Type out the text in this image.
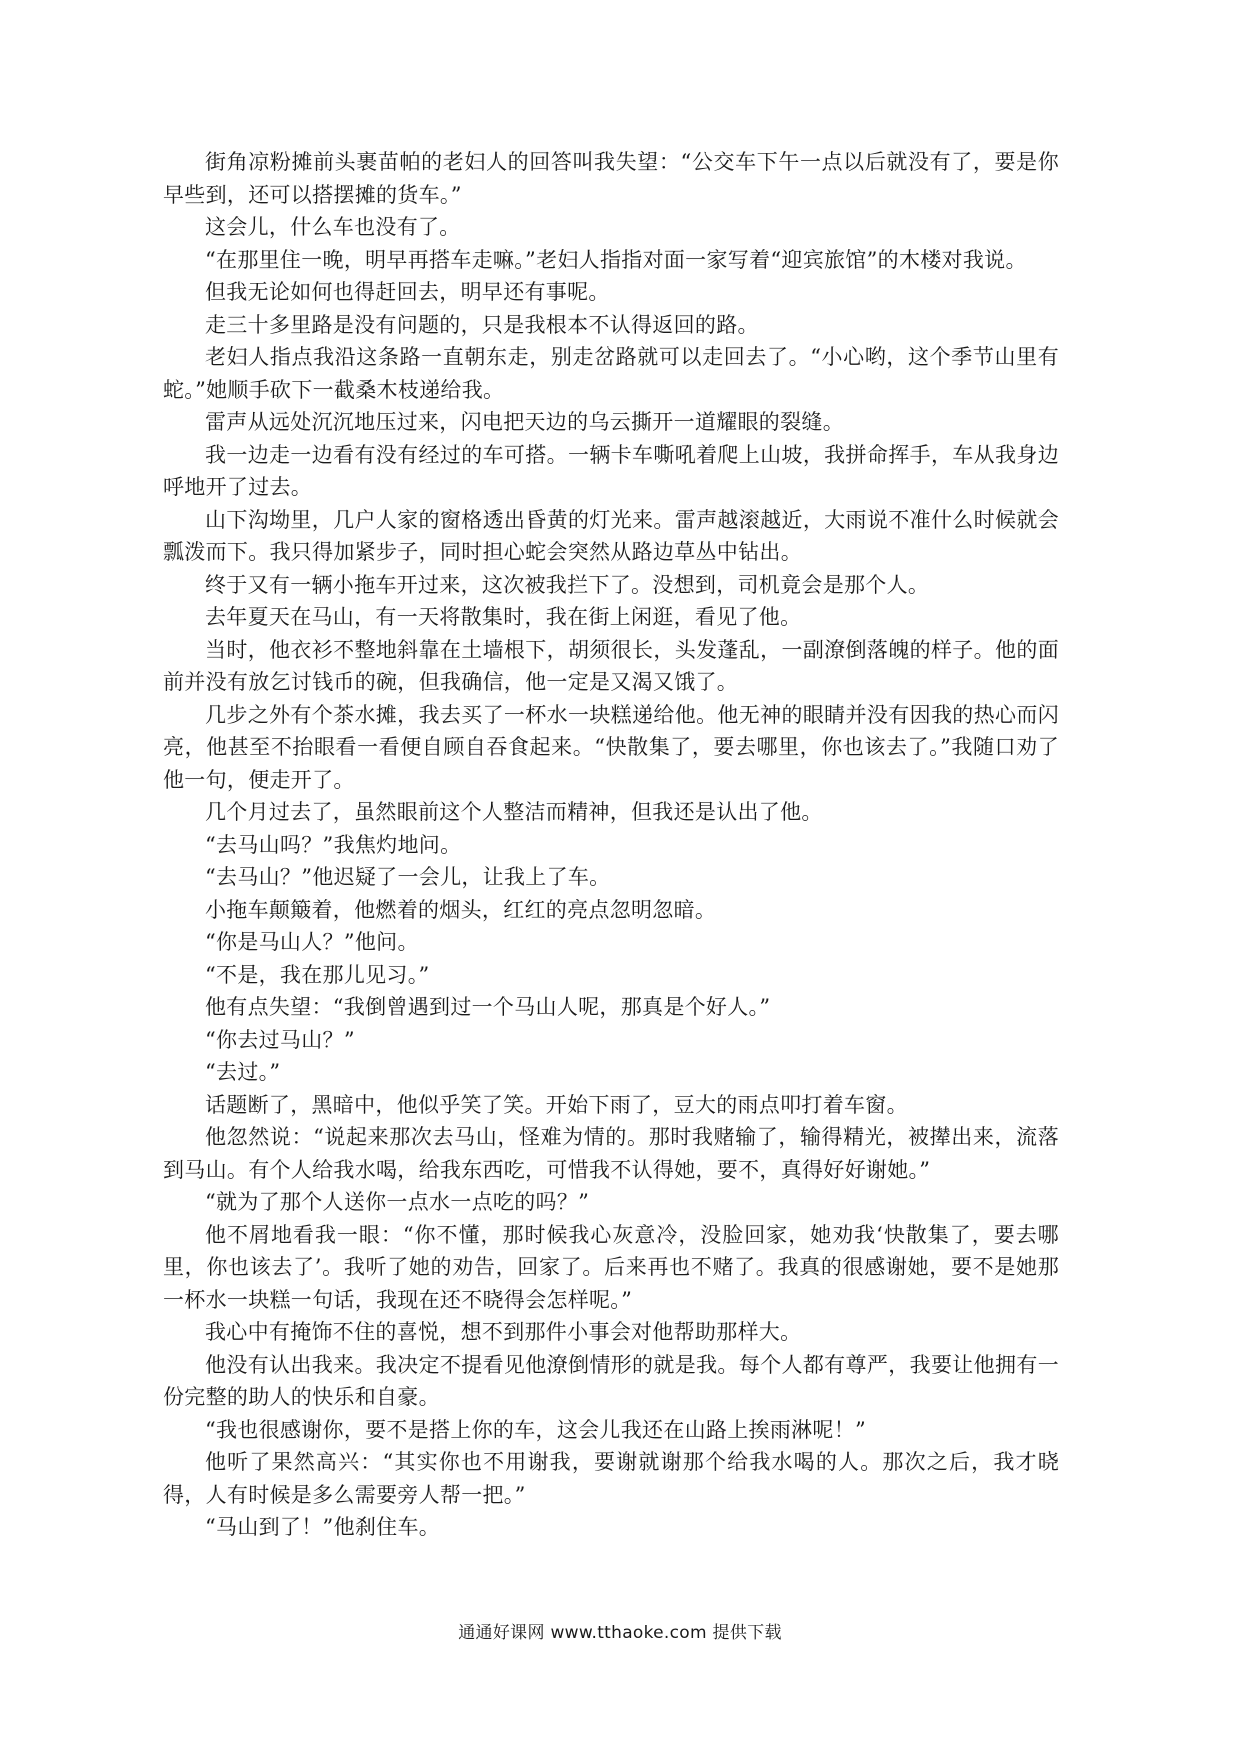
街角凉粉摊前头裹苗帕的老妇人的回答叫我失望：“公交车下午一点以后就没有了，要是你早些到，还可以搭摆摊的货车。”

这会儿，什么车也没有了。

“在那里住一晚，明早再搭车走嘛。”老妇人指指对面一家写着“迎宾旅馆”的木楼对我说。

但我无论如何也得赶回去，明早还有事呢。

走三十多里路是没有问题的，只是我根本不认得返回的路。

老妇人指点我沿这条路一直朝东走，别走岔路就可以走回去了。“小心哟，这个季节山里有蛇。”她顺手砍下一截桑木枝递给我。

雷声从远处沉沉地压过来，闪电把天边的乌云撕开一道耀眼的裂缝。

我一边走一边看有没有经过的车可搭。一辆卡车嘶吼着爬上山坡，我拼命挥手，车从我身边呼地开了过去。

山下沟坳里，几户人家的窗格透出昏黄的灯光来。雷声越滚越近，大雨说不准什么时候就会瓢泼而下。我只得加紧步子，同时担心蛇会突然从路边草丛中钻出。

终于又有一辆小拖车开过来，这次被我拦下了。没想到，司机竟会是那个人。

去年夏天在马山，有一天将散集时，我在街上闲逛，看见了他。

当时，他衣衫不整地斜靠在土墙根下，胡须很长，头发蓬乱，一副潦倒落魄的样子。他的面前并没有放乞讨钱币的碗，但我确信，他一定是又渴又饿了。

几步之外有个茶水摊，我去买了一杯水一块糕递给他。他无神的眼睛并没有因我的热心而闪亮，他甚至不抬眼看一看便自顾自吞食起来。“快散集了，要去哪里，你也该去了。”我随口劝了他一句，便走开了。

几个月过去了，虽然眼前这个人整洁而精神，但我还是认出了他。

“去马山吗？”我焦灼地问。

“去马山？”他迟疑了一会儿，让我上了车。

小拖车颠簸着，他燃着的烟头，红红的亮点忽明忽暗。

“你是马山人？”他问。

“不是，我在那儿见习。”

他有点失望：“我倒曾遇到过一个马山人呢，那真是个好人。”

“你去过马山？”

“去过。”

话题断了，黑暗中，他似乎笑了笑。开始下雨了，豆大的雨点叩打着车窗。

他忽然说：“说起来那次去马山，怪难为情的。那时我赌输了，输得精光，被撵出来，流落到马山。有个人给我水喝，给我东西吃，可惜我不认得她，要不，真得好好谢她。”

“就为了那个人送你一点水一点吃的吗？”

他不屑地看我一眼：“你不懂，那时候我心灰意冷，没脸回家，她劝我‘快散集了，要去哪里，你也该去了’。我听了她的劝告，回家了。后来再也不赌了。我真的很感谢她，要不是她那一杯水一块糕一句话，我现在还不晓得会怎样呢。”

我心中有掩饰不住的喜悦，想不到那件小事会对他帮助那样大。

他没有认出我来。我决定不提看见他潦倒情形的就是我。每个人都有尊严，我要让他拥有一份完整的助人的快乐和自豪。

“我也很感谢你，要不是搭上你的车，这会儿我还在山路上挨雨淋呢！”

他听了果然高兴：“其实你也不用谢我，要谢就谢那个给我水喝的人。那次之后，我才晓得，人有时候是多么需要旁人帮一把。”

“马山到了！”他刹住车。

通通好课网 www.tthaoke.com 提供下载
